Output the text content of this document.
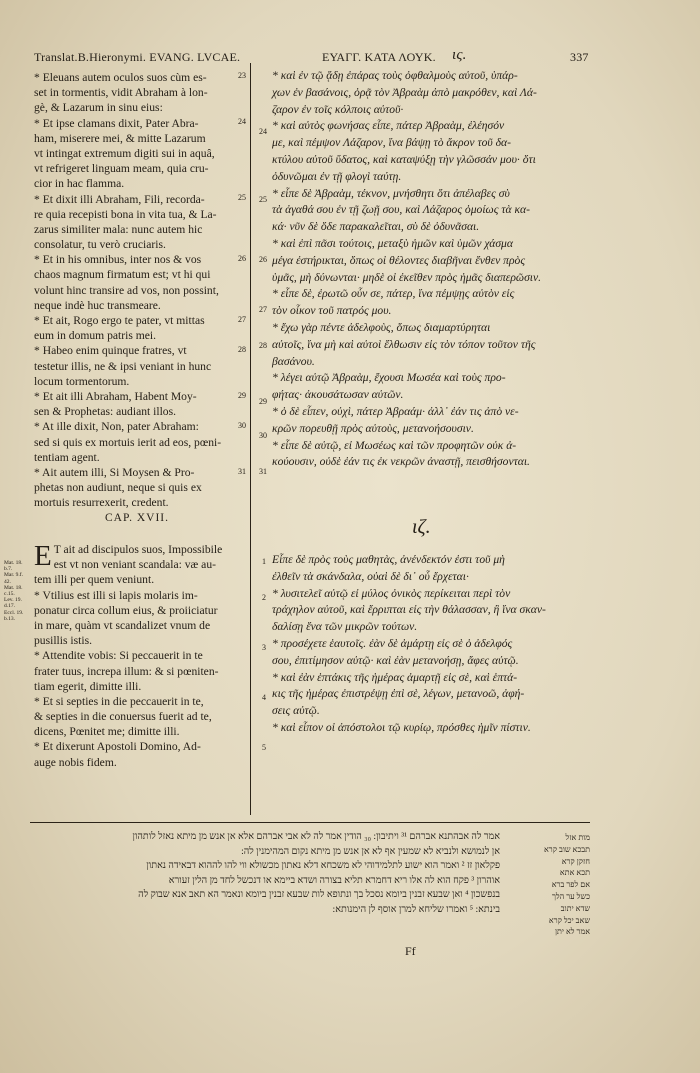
Translat.B.Hieronymi. EVANG. LVCAE.	ΕΥΑΓΓ. ΚΑΤΑ ΛΟΥΚ. ις.	337
23
24
25
26
27
28
29
30
31
* Eleuans autem oculos suos cùm es-
set in tormentis, vidit Abraham à lon-
gè, & Lazarum in sinu eius:
* Et ipse clamans dixit, Pater Abra-
ham, miserere mei, & mitte Lazarum
vt intingat extremum digiti sui in aquâ,
vt refrigeret linguam meam, quia cru-
cior in hac flamma.
* Et dixit illi Abraham, Fili, recorda-
re quia recepisti bona in vita tua, & La-
zarus similiter mala: nunc autem hic
consolatur, tu verò cruciaris.
* Et in his omnibus, inter nos & vos
chaos magnum firmatum est; vt hi qui
volunt hinc transire ad vos, non possint,
neque indè huc transmeare.
* Et ait, Rogo ergo te pater, vt mittas
eum in domum patris mei.
* Habeo enim quinque fratres, vt
testetur illis, ne & ipsi veniant in hunc
locum tormentorum.
* Et ait illi Abraham, Habent Moy-
sen & Prophetas: audiant illos.
* At ille dixit, Non, pater Abraham:
sed si quis ex mortuis ierit ad eos, pœni-
tentiam agent.
* Ait autem illi, Si Moysen & Pro-
phetas non audiunt, neque si quis ex
mortuis resurrexerit, credent.
CAP. XVII.
Mat. 18.
b.7.
Mar. 9.f.
42.
Mat. 18.
c.15.
Lev. 19.
d.17.
Eccl. 19.
b.13.
E T ait ad discipulos suos, Impossibile
est vt non veniant scandala: væ au-
tem illi per quem veniunt.
* Vtilius est illi si lapis molaris im-
ponatur circa collum eius, & proiiciatur
in mare, quàm vt scandalizet vnum de
pusillis istis.
* Attendite vobis: Si peccauerit in te
frater tuus, increpa illum: & si pœniten-
tiam egerit, dimitte illi.
* Et si septies in die peccauerit in te,
& septies in die conuersus fuerit ad te,
dicens, Pœnitet me; dimitte illi.
* Et dixerunt Apostoli Domino, Ad-
auge nobis fidem.
24
25
26
27
28
29
30
31
1
2
3
4
5
* καὶ ἐν τῷ ᾅδῃ ἐπάρας τοὺς ὀφθαλμοὺς αὐτοῦ, ὑπάρ-
χων ἐν βασάνοις, ὁρᾷ τὸν Ἀβραὰμ ἀπὸ μακρόθεν, καὶ Λά-
ζαρον ἐν τοῖς κόλποις αὐτοῦ·
* καὶ αὐτὸς φωνήσας εἶπε, πάτερ Ἀβραὰμ, ἐλέησόν
με, καὶ πέμψον Λάζαρον, ἵνα βάψῃ τὸ ἄκρον τοῦ δα-
κτύλου αὐτοῦ ὕδατος, καὶ καταψύξῃ τὴν γλῶσσάν μου· ὅτι
ὀδυνῶμαι ἐν τῇ φλογὶ ταύτῃ.
* εἶπε δὲ Ἀβραὰμ, τέκνον, μνήσθητι ὅτι ἀπέλαβες σὺ
τὰ ἀγαθά σου ἐν τῇ ζωῇ σου, καὶ Λάζαρος ὁμοίως τὰ κα-
κά· νῦν δὲ ὅδε παρακαλεῖται, σὺ δὲ ὀδυνᾶσαι.
* καὶ ἐπὶ πᾶσι τούτοις, μεταξὺ ἡμῶν καὶ ὑμῶν χάσμα
μέγα ἐστήρικται, ὅπως οἱ θέλοντες διαβῆναι ἔνθεν πρὸς
ὑμᾶς, μὴ δύνωνται· μηδὲ οἱ ἐκεῖθεν πρὸς ἡμᾶς διαπερῶσιν.
* εἶπε δὲ, ἐρωτῶ οὖν σε, πάτερ, ἵνα πέμψῃς αὐτὸν εἰς
τὸν οἶκον τοῦ πατρός μου.
* ἔχω γὰρ πέντε ἀδελφοὺς, ὅπως διαμαρτύρηται
αὐτοῖς, ἵνα μὴ καὶ αὐτοὶ ἔλθωσιν εἰς τὸν τόπον τοῦτον τῆς
βασάνου.
* λέγει αὐτῷ Ἀβραὰμ, ἔχουσι Μωσέα καὶ τοὺς προ-
φήτας· ἀκουσάτωσαν αὐτῶν.
* ὁ δὲ εἶπεν, οὐχὶ, πάτερ Ἀβραάμ· ἀλλ᾽ ἐάν τις ἀπὸ νε-
κρῶν πορευθῇ πρὸς αὐτοὺς, μετανοήσουσιν.
* εἶπε δὲ αὐτῷ, εἰ Μωσέως καὶ τῶν προφητῶν οὐκ ἀ-
κούουσιν, οὐδὲ ἐάν τις ἐκ νεκρῶν ἀναστῇ, πεισθήσονται.
ιζ.
Εἶπε δὲ πρὸς τοὺς μαθητὰς, ἀνένδεκτόν ἐστι τοῦ μὴ
ἐλθεῖν τὰ σκάνδαλα, οὐαὶ δὲ δι᾽ οὗ ἔρχεται·
* λυσιτελεῖ αὐτῷ εἰ μύλος ὀνικὸς περίκειται περὶ τὸν
τράχηλον αὐτοῦ, καὶ ἔρριπται εἰς τὴν θάλασσαν, ἢ ἵνα σκαν-
δαλίσῃ ἕνα τῶν μικρῶν τούτων.
* προσέχετε ἑαυτοῖς. ἐὰν δὲ ἁμάρτῃ εἰς σὲ ὁ ἀδελφός
σου, ἐπιτίμησον αὐτῷ· καὶ ἐὰν μετανοήσῃ, ἄφες αὐτῷ.
* καὶ ἐὰν ἑπτάκις τῆς ἡμέρας ἁμαρτῇ εἰς σὲ, καὶ ἑπτά-
κις τῆς ἡμέρας ἐπιστρέψῃ ἐπὶ σὲ, λέγων, μετανοῶ, ἀφή-
σεις αὐτῷ.
* καὶ εἶπον οἱ ἀπόστολοι τῷ κυρίῳ, πρόσθες ἡμῖν πίστιν.
אמר לה אבהתנא אברהם ³¹ ויתיבון: ₃₀ הודין אמר לה לא אבי אברהם אלא אן אנש מן מיתא נאזל לותהון
אן לנמושא ולנביא לא שמעין אף לא אן אנש מן מיתא נקום המהימנין לה:
פקלאון זז ² ואמר הוא ישוע לתלמידוהי לא משכחא דלא נאתון מכשולא ווי להו לההוא דבאידה נאתון
אוהרון ³ פקח הוא לה אלו ריא דחמרא תליא בצורה ושדא ביימא או דנכשל לחד מן הלין זעורא
בנפשכון ⁴ ואן שבעא זבנין ביומא נסכל בך ונתופא לות שבעא זבנין ביומא ונאמר הא תאב אנא שבוק לה
בינתא: ⁵ ואמרו שליחא למרן אוסף לן הימנותא:
מות אזל
תבכא שוב קרא
חזקן קרא
תכא אתא
אם לפר ברא
כשל ער הלך
שדא יתוב
שאב יכל קרא
אמר לא יתן
Ff
